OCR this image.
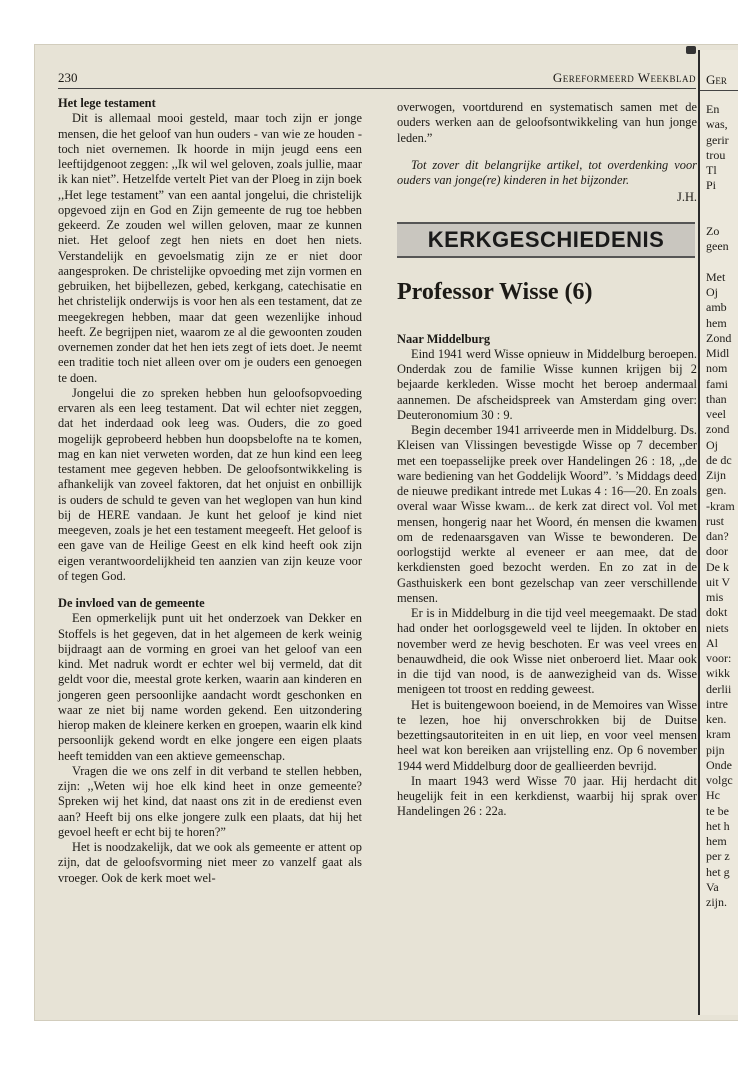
Ger
En
was,
gerir
trou
Tl
Pi
Zo
geen
Met
Oj
amb
hem
Zond
Midl
nom
fami
than
veel
zond
Oj
de dc
Zijn
gen.
-kram
rust
dan?
door
De k
uit V
mis
dokt
niets
Al
voor:
wikk
derlii
intre
ken.
kram
pijn
Onde
volgc
Hc
te be
het h
hem
per z
het g
Va
zijn.
230	Gereformeerd Weekblad
Het lege testament

Dit is allemaal mooi gesteld, maar toch zijn er jonge mensen, die het geloof van hun ouders - van wie ze houden - toch niet overnemen. Ik hoorde in mijn jeugd eens een leeftijdgenoot zeggen: ,,Ik wil wel geloven, zoals jullie, maar ik kan niet”. Hetzelfde vertelt Piet van der Ploeg in zijn boek ,,Het lege testament” van een aantal jongelui, die christelijk opgevoed zijn en God en Zijn gemeente de rug toe hebben gekeerd. Ze zouden wel willen geloven, maar ze kunnen niet. Het geloof zegt hen niets en doet hen niets. Verstandelijk en gevoelsmatig zijn ze er niet door aangesproken. De christelijke opvoeding met zijn vormen en gebruiken, het bijbellezen, gebed, kerkgang, catechisatie en het christelijk onderwijs is voor hen als een testament, dat ze meegekregen hebben, maar dat geen wezenlijke inhoud heeft. Ze begrijpen niet, waarom ze al die gewoonten zouden overnemen zonder dat het hen iets zegt of iets doet. Je neemt een traditie toch niet alleen over om je ouders een genoegen te doen.

Jongelui die zo spreken hebben hun geloofsopvoeding ervaren als een leeg testament. Dat wil echter niet zeggen, dat het inderdaad ook leeg was. Ouders, die zo goed mogelijk geprobeerd hebben hun doopsbelofte na te komen, mag en kan niet verweten worden, dat ze hun kind een leeg testament mee gegeven hebben. De geloofsontwikkeling is afhankelijk van zoveel faktoren, dat het onjuist en onbillijk is ouders de schuld te geven van het weglopen van hun kind bij de HERE vandaan. Je kunt het geloof je kind niet meegeven, zoals je het een testament meegeeft. Het geloof is een gave van de Heilige Geest en elk kind heeft ook zijn eigen verantwoordelijkheid ten aanzien van zijn keuze voor of tegen God.

De invloed van de gemeente

Een opmerkelijk punt uit het onderzoek van Dekker en Stoffels is het gegeven, dat in het algemeen de kerk weinig bijdraagt aan de vorming en groei van het geloof van een kind. Met nadruk wordt er echter wel bij vermeld, dat dit geldt voor die, meestal grote kerken, waarin aan kinderen en jongeren geen persoonlijke aandacht wordt geschonken en waar ze niet bij name worden gekend. Een uitzondering hierop maken de kleinere kerken en groepen, waarin elk kind persoonlijk gekend wordt en elke jongere een eigen plaats heeft temidden van een aktieve gemeenschap.

Vragen die we ons zelf in dit verband te stellen hebben, zijn: ,,Weten wij hoe elk kind heet in onze gemeente? Spreken wij het kind, dat naast ons zit in de eredienst even aan? Heeft bij ons elke jongere zulk een plaats, dat hij het gevoel heeft er echt bij te horen?”

Het is noodzakelijk, dat we ook als gemeente er attent op zijn, dat de geloofsvorming niet meer zo vanzelf gaat als vroeger. Ook de kerk moet wel-

overwogen, voortdurend en systematisch samen met de ouders werken aan de geloofsontwikkeling van hun jonge leden.”

Tot zover dit belangrijke artikel, tot overdenking voor ouders van jonge(re) kinderen in het bijzonder.

J.H.
KERKGESCHIEDENIS
Professor Wisse (6)
Naar Middelburg

Eind 1941 werd Wisse opnieuw in Middelburg beroepen. Onderdak zou de familie Wisse kunnen krijgen bij 2 bejaarde kerkleden. Wisse mocht het beroep andermaal aannemen. De afscheidspreek van Amsterdam ging over: Deuteronomium 30 : 9.

Begin december 1941 arriveerde men in Middelburg. Ds. Kleisen van Vlissingen bevestigde Wisse op 7 december met een toepasselijke preek over Handelingen 26 : 18, ,,de ware bediening van het Goddelijk Woord”. ’s Middags deed de nieuwe predikant intrede met Lukas 4 : 16—20. En zoals overal waar Wisse kwam... de kerk zat direct vol. Vol met mensen, hongerig naar het Woord, én mensen die kwamen om de redenaarsgaven van Wisse te bewonderen. De oorlogstijd werkte al eveneer er aan mee, dat de kerkdiensten goed bezocht werden. En zo zat in de Gasthuiskerk een bont gezelschap van zeer verschillende mensen.

Er is in Middelburg in die tijd veel meegemaakt. De stad had onder het oorlogsgeweld veel te lijden. In oktober en november werd ze hevig beschoten. Er was veel vrees en benauwdheid, die ook Wisse niet onberoerd liet. Maar ook in die tijd van nood, is de aanwezigheid van ds. Wisse menigeen tot troost en redding geweest.

Het is buitengewoon boeiend, in de Memoires van Wisse te lezen, hoe hij onverschrokken bij de Duitse bezettingsautoriteiten in en uit liep, en voor veel mensen heel wat kon bereiken aan vrijstelling enz. Op 6 november 1944 werd Middelburg door de geallieerden bevrijd.

In maart 1943 werd Wisse 70 jaar. Hij herdacht dit heugelijk feit in een kerkdienst, waarbij hij sprak over Handelingen 26 : 22a.
